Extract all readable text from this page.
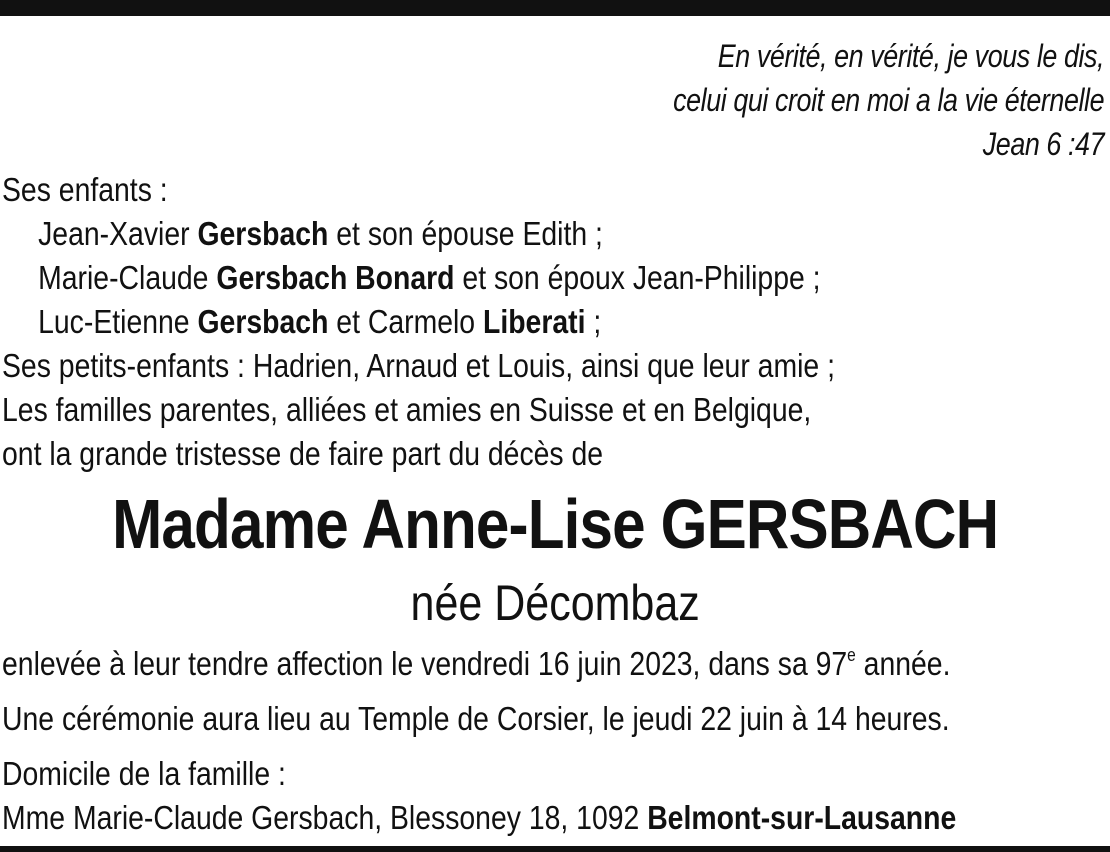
En vérité, en vérité, je vous le dis,
celui qui croit en moi a la vie éternelle
Jean 6 :47
Ses enfants :
Jean-Xavier Gersbach et son épouse Edith ;
Marie-Claude Gersbach Bonard et son époux Jean-Philippe ;
Luc-Etienne Gersbach et Carmelo Liberati ;
Ses petits-enfants : Hadrien, Arnaud et Louis, ainsi que leur amie ;
Les familles parentes, alliées et amies en Suisse et en Belgique,
ont la grande tristesse de faire part du décès de
Madame Anne-Lise GERSBACH
née Décombaz
enlevée à leur tendre affection le vendredi 16 juin 2023, dans sa 97e année.
Une cérémonie aura lieu au Temple de Corsier, le jeudi 22 juin à 14 heures.
Domicile de la famille :
Mme Marie-Claude Gersbach, Blessoney 18, 1092 Belmont-sur-Lausanne
